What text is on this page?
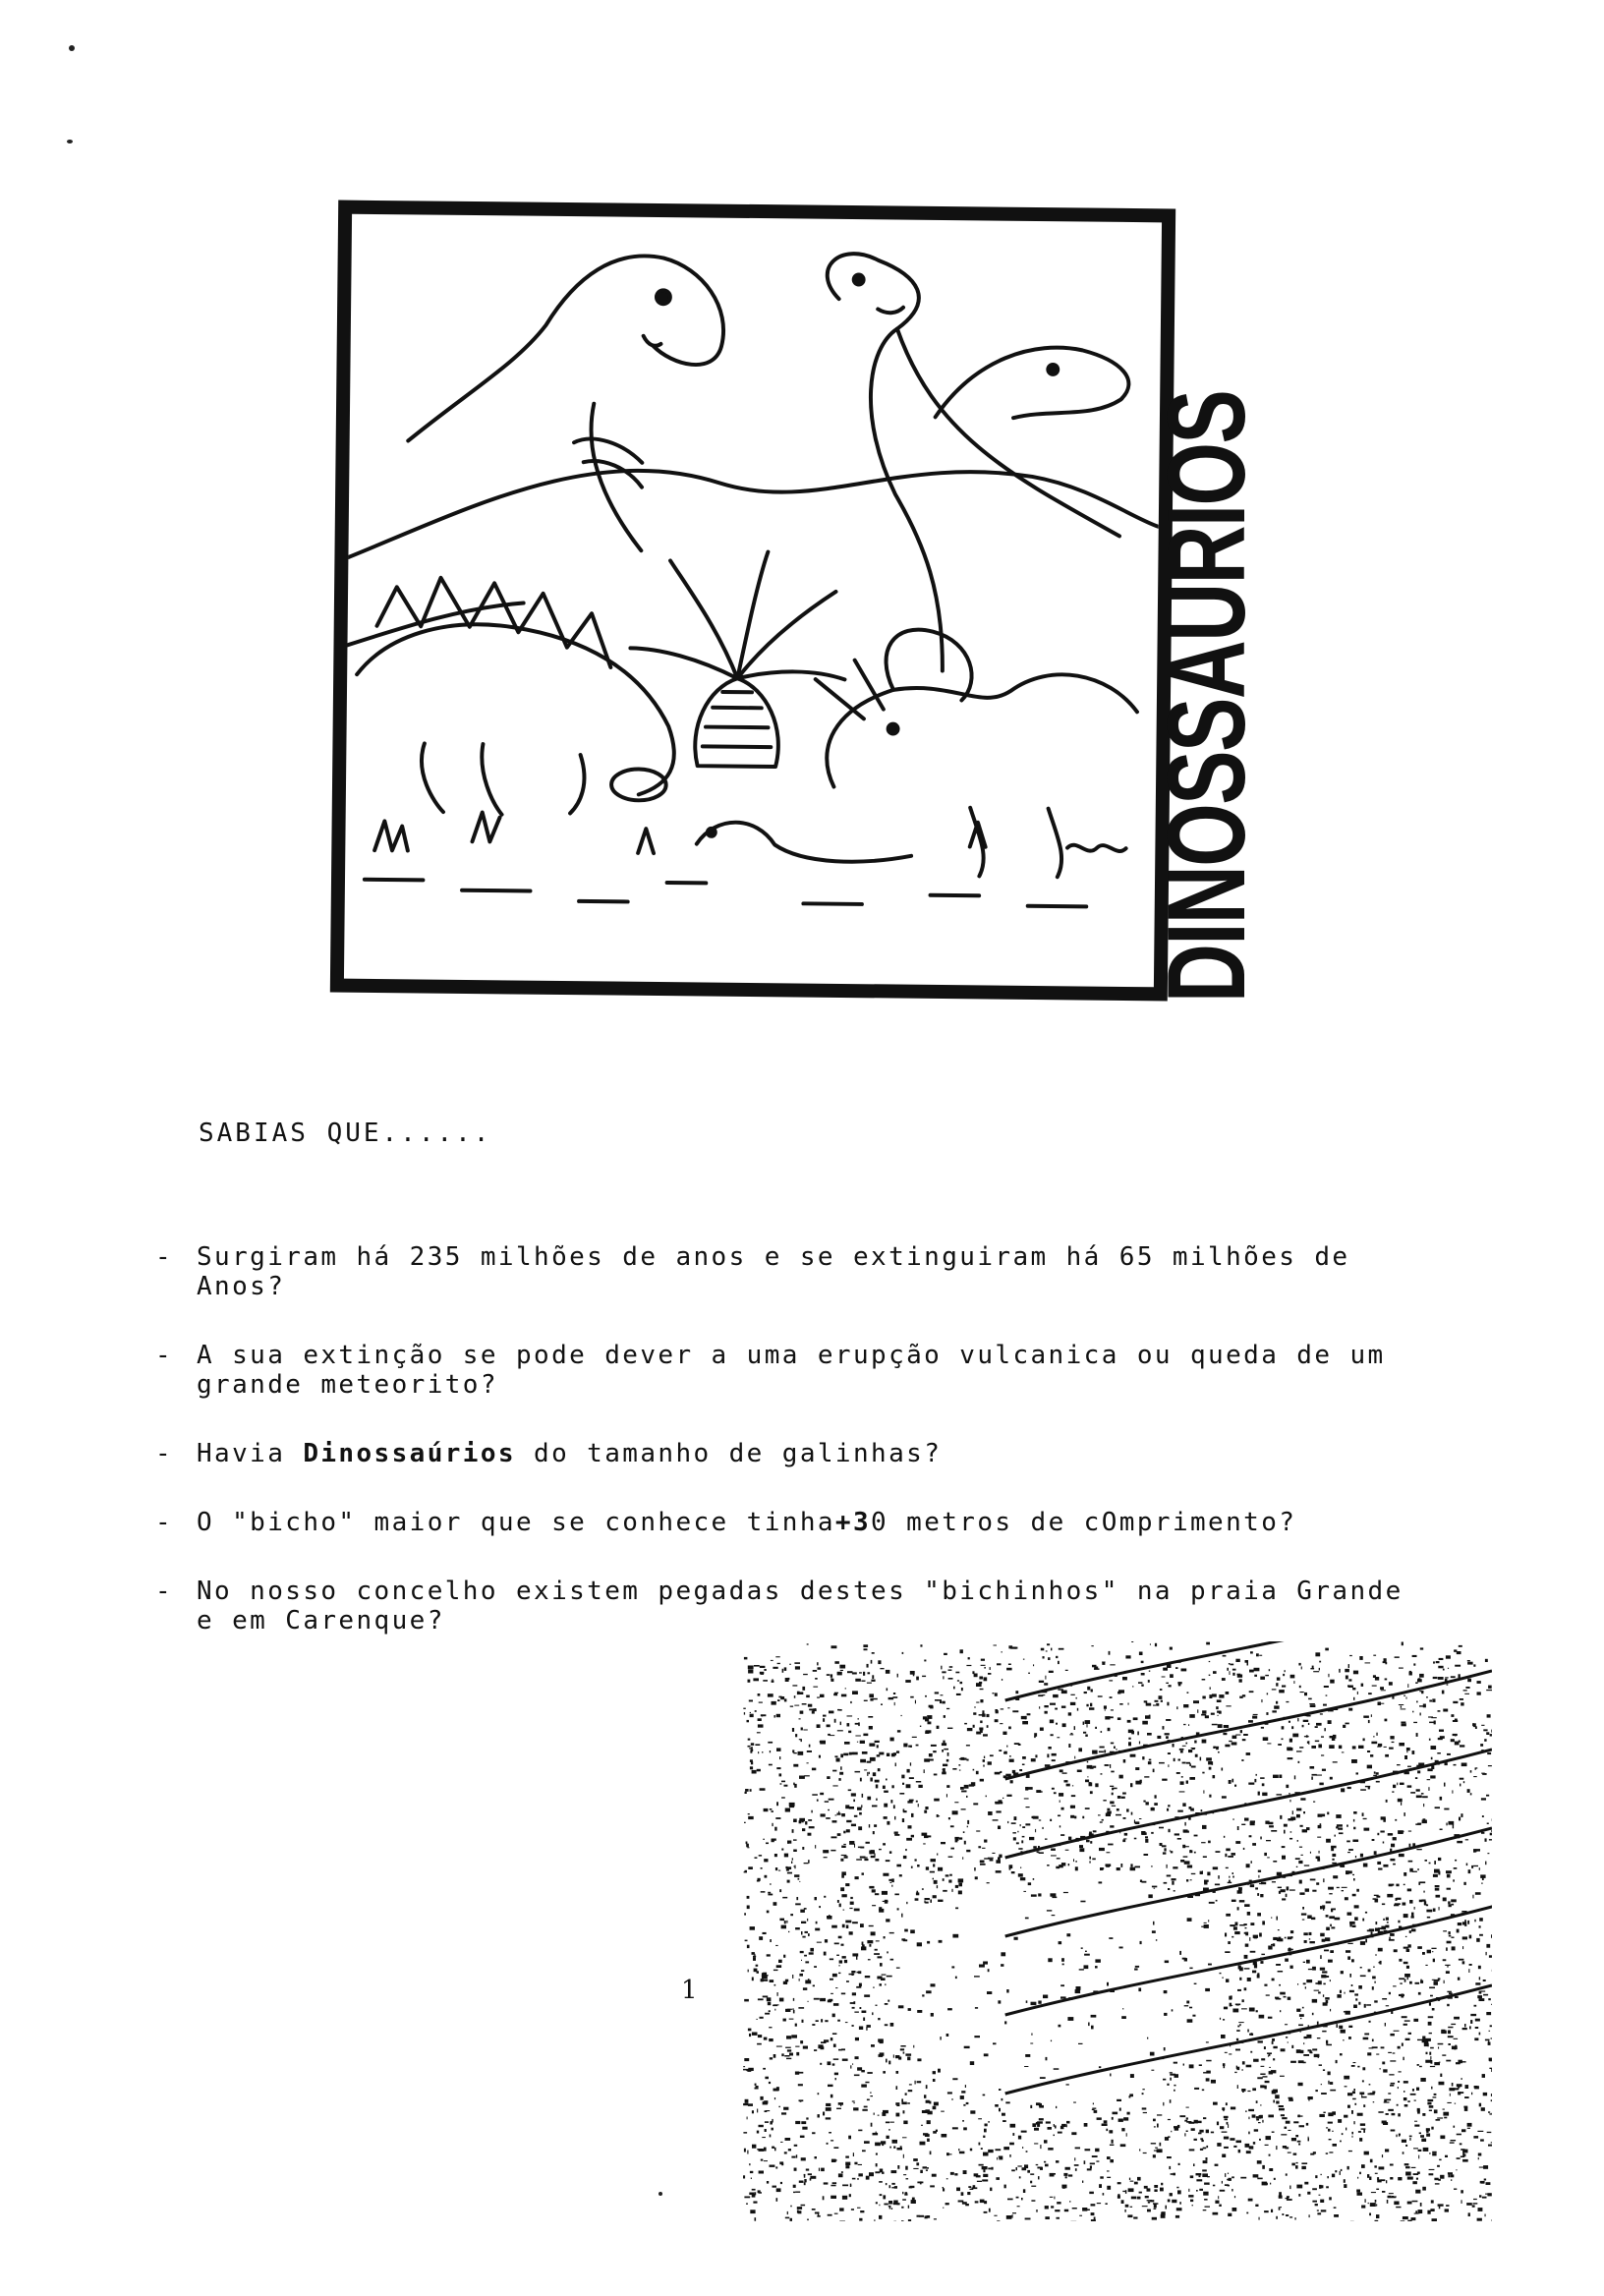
DINOSSAURIOS
SABIAS QUE......
- Surgiram há 235 milhões de anos e se extinguiram há 65 milhões de Anos?
- A sua extinção se pode dever a uma erupção vulcanica ou queda de um grande meteorito?
- Havia Dinossaúrios do tamanho de galinhas?
- O "bicho" maior que se conhece tinha+30 metros de cOmprimento?
- No nosso concelho existem pegadas destes "bichinhos" na praia Grande e em Carenque?
1
